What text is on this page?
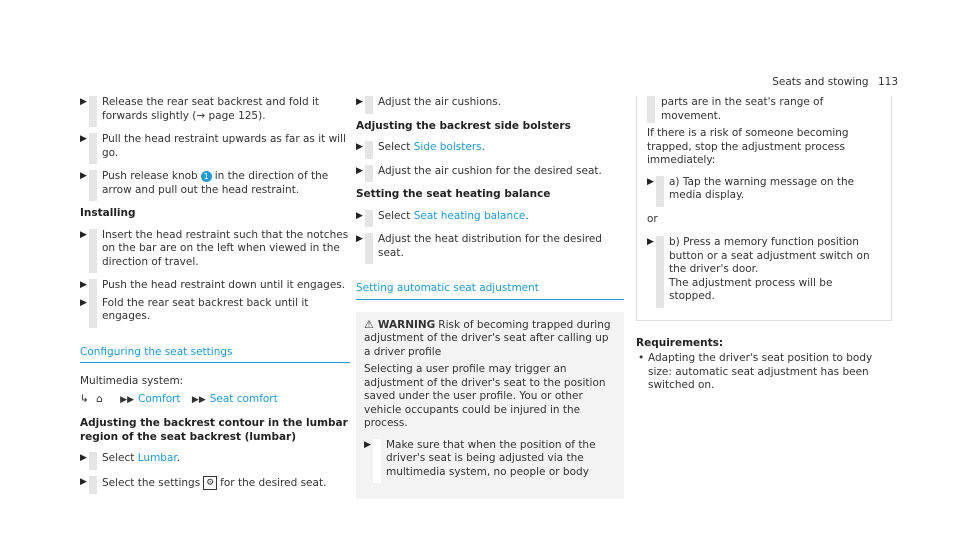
Seats and stowing 113
▶ Release the rear seat backrest and fold it forwards slightly (→ page 125).
▶ Pull the head restraint upwards as far as it will go.
▶ Push release knob 1 in the direction of the arrow and pull out the head restraint.
Installing
▶ Insert the head restraint such that the notches on the bar are on the left when viewed in the direction of travel.
▶ Push the head restraint down until it engages.
▶ Fold the rear seat backrest back until it engages.
Configuring the seat settings
Multimedia system:
↳ ⌂ ▶▶ Comfort ▶▶ Seat comfort
Adjusting the backrest contour in the lumbar region of the seat backrest (lumbar)
▶ Select Lumbar.
▶ Select the settings ⚙ for the desired seat.
▶ Adjust the air cushions.
Adjusting the backrest side bolsters
▶ Select Side bolsters.
▶ Adjust the air cushion for the desired seat.
Setting the seat heating balance
▶ Select Seat heating balance.
▶ Adjust the heat distribution for the desired seat.
Setting automatic seat adjustment
⚠ WARNING Risk of becoming trapped during adjustment of the driver's seat after calling up a driver profile

Selecting a user profile may trigger an adjustment of the driver's seat to the position saved under the user profile. You or other vehicle occupants could be injured in the process.

▶ Make sure that when the position of the driver's seat is being adjusted via the multimedia system, no people or body
parts are in the seat's range of movement.

If there is a risk of someone becoming trapped, stop the adjustment process immediately:

▶ a) Tap the warning message on the media display.
or
▶ b) Press a memory function position button or a seat adjustment switch on the driver's door.
The adjustment process will be stopped.
Requirements:
• Adapting the driver's seat position to body size: automatic seat adjustment has been switched on.
